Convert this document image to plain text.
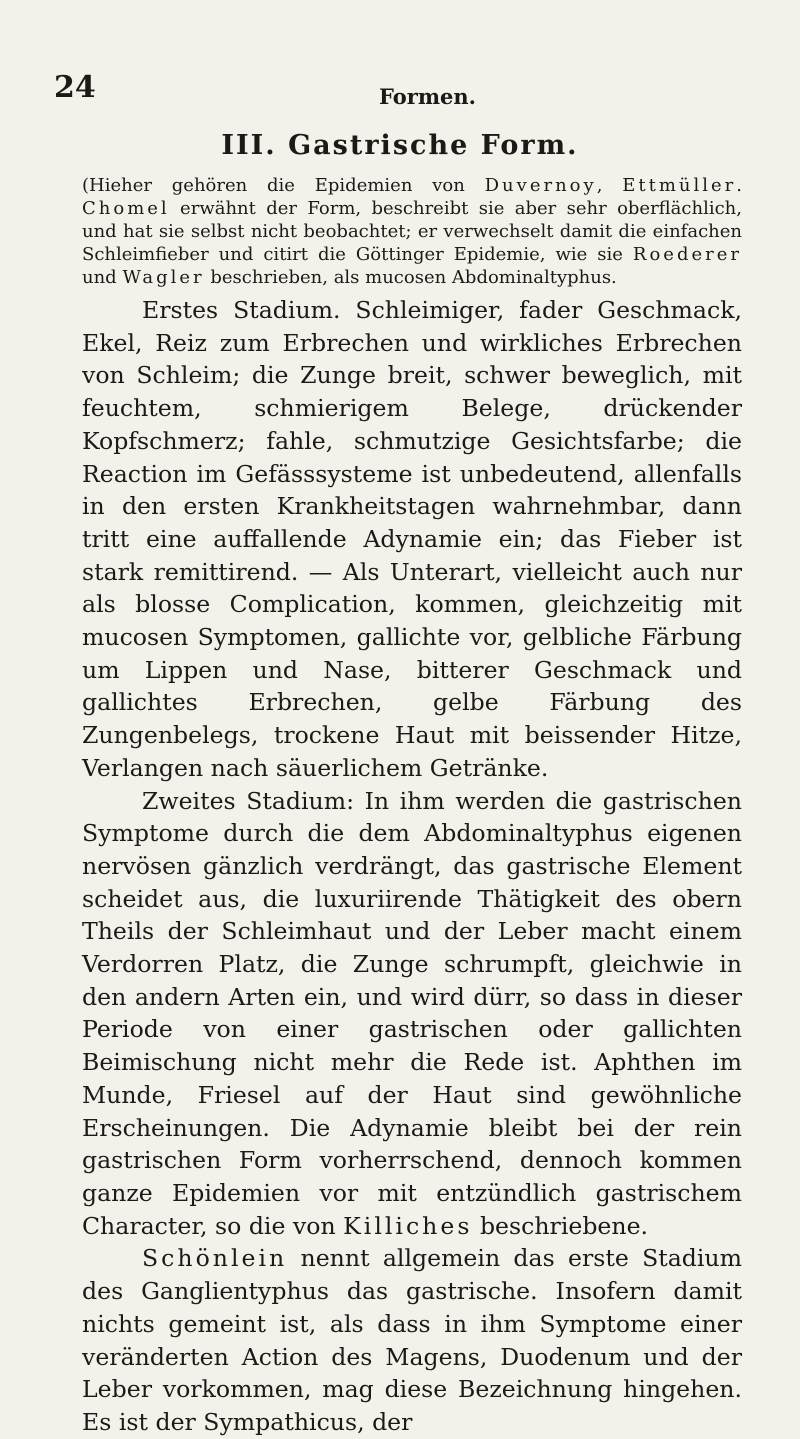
24	Formen.
III. Gastrische Form.
(Hieher gehören die Epidemien von Duvernoy, Ettmüller. Chomel erwähnt der Form, beschreibt sie aber sehr oberflächlich, und hat sie selbst nicht beobachtet; er verwechselt damit die einfachen Schleimfieber und citirt die Göttinger Epidemie, wie sie Roederer und Wagler beschrieben, als mucosen Abdominaltyphus.

Erstes Stadium. Schleimiger, fader Geschmack, Ekel, Reiz zum Erbrechen und wirkliches Erbrechen von Schleim; die Zunge breit, schwer beweglich, mit feuchtem, schmierigem Belege, drückender Kopfschmerz; fahle, schmutzige Gesichtsfarbe; die Reaction im Gefässsysteme ist unbedeutend, allenfalls in den ersten Krankheitstagen wahrnehmbar, dann tritt eine auffallende Adynamie ein; das Fieber ist stark remittirend. — Als Unterart, vielleicht auch nur als blosse Complication, kommen, gleichzeitig mit mucosen Symptomen, gallichte vor, gelbliche Färbung um Lippen und Nase, bitterer Geschmack und gallichtes Erbrechen, gelbe Färbung des Zungenbelegs, trockene Haut mit beissender Hitze, Verlangen nach säuerlichem Getränke.

Zweites Stadium: In ihm werden die gastrischen Symptome durch die dem Abdominaltyphus eigenen nervösen gänzlich verdrängt, das gastrische Element scheidet aus, die luxuriirende Thätigkeit des obern Theils der Schleimhaut und der Leber macht einem Verdorren Platz, die Zunge schrumpft, gleichwie in den andern Arten ein, und wird dürr, so dass in dieser Periode von einer gastrischen oder gallichten Beimischung nicht mehr die Rede ist. Aphthen im Munde, Friesel auf der Haut sind gewöhnliche Erscheinungen. Die Adynamie bleibt bei der rein gastrischen Form vorherrschend, dennoch kommen ganze Epidemien vor mit entzündlich gastrischem Character, so die von Killiches beschriebene.

Schönlein nennt allgemein das erste Stadium des Ganglientyphus das gastrische. Insofern damit nichts gemeint ist, als dass in ihm Symptome einer veränderten Action des Magens, Duodenum und der Leber vorkommen, mag diese Bezeichnung hingehen. Es ist der Sympathicus, der
